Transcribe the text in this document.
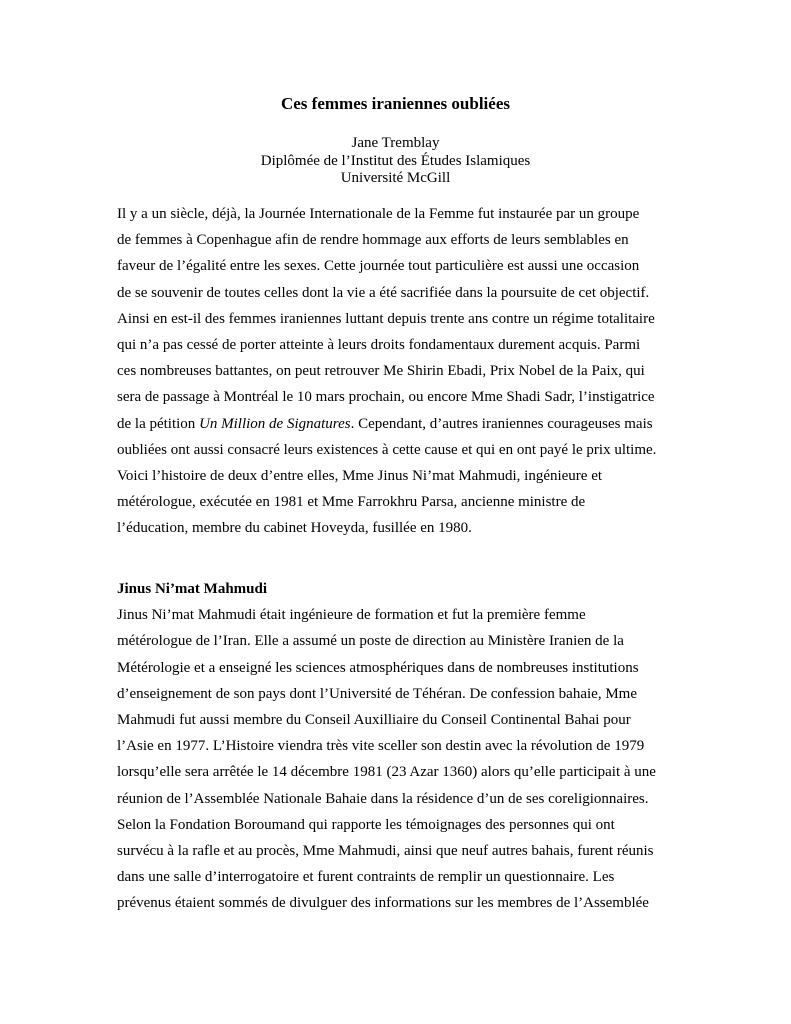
Ces femmes iraniennes oubliées
Jane Tremblay
Diplômée de l’Institut des Études Islamiques
Université McGill
Il y a un siècle, déjà, la Journée Internationale de la Femme fut instaurée par un groupe
de femmes à Copenhague afin de rendre hommage aux efforts de leurs semblables en
faveur de l’égalité entre les sexes. Cette journée tout particulière est aussi une occasion
de se souvenir de toutes celles dont la vie a été sacrifiée dans la poursuite de cet objectif.
Ainsi en est-il des femmes iraniennes luttant depuis trente ans contre un régime totalitaire
qui n’a pas cessé de porter atteinte à leurs droits fondamentaux durement acquis. Parmi
ces nombreuses battantes, on peut retrouver Me Shirin Ebadi, Prix Nobel de la Paix, qui
sera de passage à Montréal le 10 mars prochain, ou encore Mme Shadi Sadr, l’instigatrice
de la pétition Un Million de Signatures. Cependant, d’autres iraniennes courageuses mais
oubliées ont aussi consacré leurs existences à cette cause et qui en ont payé le prix ultime.
Voici l’histoire de deux d’entre elles, Mme Jinus Ni’mat Mahmudi, ingénieure et
métérologue, exécutée en 1981 et Mme Farrokhru Parsa, ancienne ministre de
l’éducation, membre du cabinet Hoveyda, fusillée en 1980.
Jinus Ni’mat Mahmudi
Jinus Ni’mat Mahmudi était ingénieure de formation et fut la première femme
métérologue de l’Iran. Elle a assumé un poste de direction au Ministère Iranien de la
Métérologie et a enseigné les sciences atmosphériques dans de nombreuses institutions
d’enseignement de son pays dont l’Université de Téhéran. De confession bahaie, Mme
Mahmudi fut aussi membre du Conseil Auxilliaire du Conseil Continental Bahai pour
l’Asie en 1977. L’Histoire viendra très vite sceller son destin avec la révolution de 1979
lorsqu’elle sera arrêtée le 14 décembre 1981 (23 Azar 1360) alors qu’elle participait à une
réunion de l’Assemblée Nationale Bahaie dans la résidence d’un de ses coreligionnaires.
Selon la Fondation Boroumand qui rapporte les témoignages des personnes qui ont
survécu à la rafle et au procès, Mme Mahmudi, ainsi que neuf autres bahais, furent réunis
dans une salle d’interrogatoire et furent contraints de remplir un questionnaire. Les
prévenus étaient sommés de divulguer des informations sur les membres de l’Assemblée
